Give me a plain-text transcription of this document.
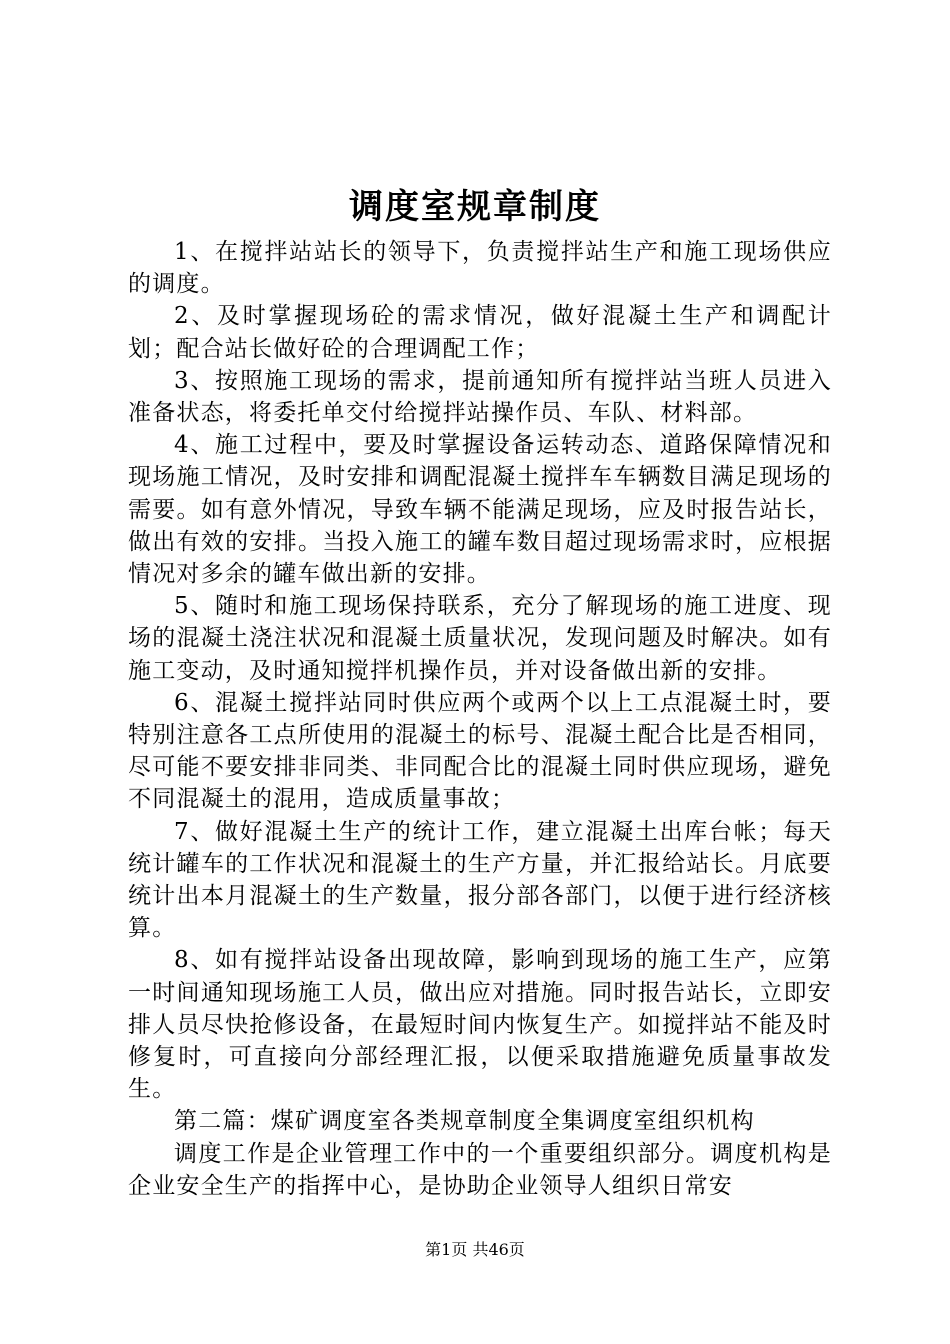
调度室规章制度

1、在搅拌站站长的领导下，负责搅拌站生产和施工现场供应的调度。

2、及时掌握现场砼的需求情况，做好混凝土生产和调配计划；配合站长做好砼的合理调配工作；

3、按照施工现场的需求，提前通知所有搅拌站当班人员进入准备状态，将委托单交付给搅拌站操作员、车队、材料部。

4、施工过程中，要及时掌握设备运转动态、道路保障情况和现场施工情况，及时安排和调配混凝土搅拌车车辆数目满足现场的需要。如有意外情况，导致车辆不能满足现场，应及时报告站长，做出有效的安排。当投入施工的罐车数目超过现场需求时，应根据情况对多余的罐车做出新的安排。

5、随时和施工现场保持联系，充分了解现场的施工进度、现场的混凝土浇注状况和混凝土质量状况，发现问题及时解决。如有施工变动，及时通知搅拌机操作员，并对设备做出新的安排。

6、混凝土搅拌站同时供应两个或两个以上工点混凝土时，要特别注意各工点所使用的混凝土的标号、混凝土配合比是否相同，尽可能不要安排非同类、非同配合比的混凝土同时供应现场，避免不同混凝土的混用，造成质量事故；

7、做好混凝土生产的统计工作，建立混凝土出库台帐；每天统计罐车的工作状况和混凝土的生产方量，并汇报给站长。月底要统计出本月混凝土的生产数量，报分部各部门，以便于进行经济核算。

8、如有搅拌站设备出现故障，影响到现场的施工生产，应第一时间通知现场施工人员，做出应对措施。同时报告站长，立即安排人员尽快抢修设备，在最短时间内恢复生产。如搅拌站不能及时修复时，可直接向分部经理汇报，以便采取措施避免质量事故发生。

第二篇：煤矿调度室各类规章制度全集调度室组织机构

调度工作是企业管理工作中的一个重要组织部分。调度机构是企业安全生产的指挥中心，是协助企业领导人组织日常安

第1页 共46页
